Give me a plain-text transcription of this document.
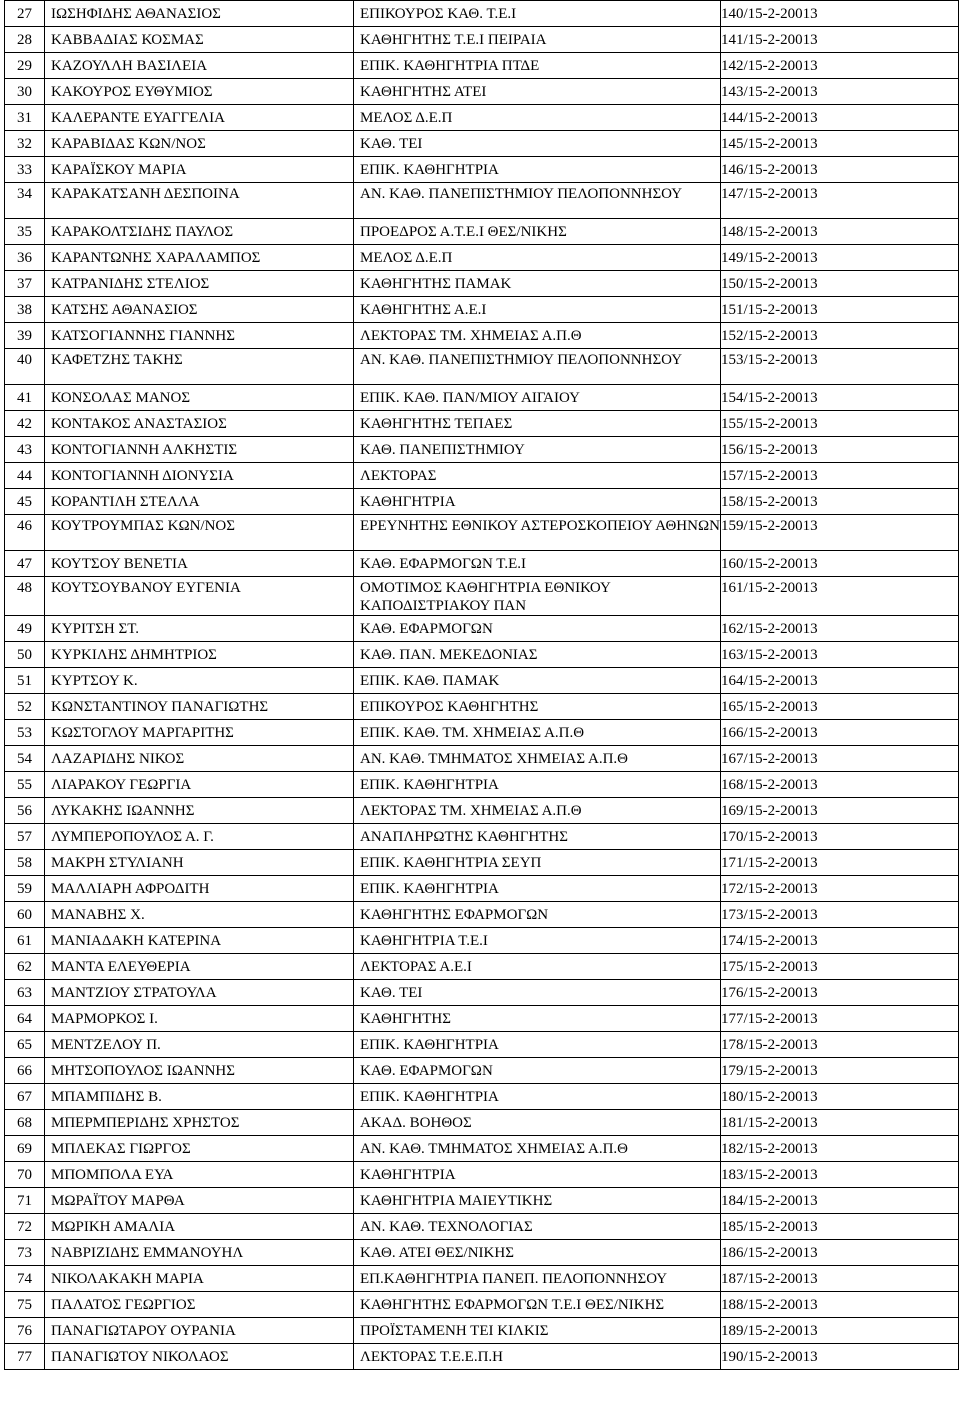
27	ΙΩΣΗΦΙΔΗΣ ΑΘΑΝΑΣΙΟΣ	ΕΠΙΚΟΥΡΟΣ ΚΑΘ. Τ.Ε.Ι	140/15-2-20013
28	ΚΑΒΒΑΔΙΑΣ ΚΟΣΜΑΣ	ΚΑΘΗΓΗΤΗΣ Τ.Ε.Ι ΠΕΙΡΑΙΑ	141/15-2-20013
29	ΚΑΖΟΥΛΛΗ ΒΑΣΙΛΕΙΑ	ΕΠΙΚ. ΚΑΘΗΓΗΤΡΙΑ ΠΤΔΕ	142/15-2-20013
30	ΚΑΚΟΥΡΟΣ ΕΥΘΥΜΙΟΣ	ΚΑΘΗΓΗΤΗΣ ΑΤΕΙ	143/15-2-20013
31	ΚΑΛΕΡΑΝΤΕ ΕΥΑΓΓΕΛΙΑ	ΜΕΛΟΣ Δ.Ε.Π	144/15-2-20013
32	ΚΑΡΑΒΙΔΑΣ ΚΩΝ/ΝΟΣ	ΚΑΘ. ΤΕΙ	145/15-2-20013
33	ΚΑΡΑΪΣΚΟΥ ΜΑΡΙΑ	ΕΠΙΚ. ΚΑΘΗΓΗΤΡΙΑ	146/15-2-20013
34	ΚΑΡΑΚΑΤΣΑΝΗ ΔΕΣΠΟΙΝΑ	ΑΝ. ΚΑΘ. ΠΑΝΕΠΙΣΤΗΜΙΟΥ ΠΕΛΟΠΟΝΝΗΣΟΥ	147/15-2-20013
35	ΚΑΡΑΚΟΛΤΣΙΔΗΣ ΠΑΥΛΟΣ	ΠΡΟΕΔΡΟΣ Α.Τ.Ε.Ι ΘΕΣ/ΝΙΚΗΣ	148/15-2-20013
36	ΚΑΡΑΝΤΩΝΗΣ ΧΑΡΑΛΑΜΠΟΣ	ΜΕΛΟΣ Δ.Ε.Π	149/15-2-20013
37	ΚΑΤΡΑΝΙΔΗΣ ΣΤΕΛΙΟΣ	ΚΑΘΗΓΗΤΗΣ ΠΑΜΑΚ	150/15-2-20013
38	ΚΑΤΣΗΣ ΑΘΑΝΑΣΙΟΣ	ΚΑΘΗΓΗΤΗΣ Α.Ε.Ι	151/15-2-20013
39	ΚΑΤΣΟΓΙΑΝΝΗΣ ΓΙΑΝΝΗΣ	ΛΕΚΤΟΡΑΣ ΤΜ. ΧΗΜΕΙΑΣ Α.Π.Θ	152/15-2-20013
40	ΚΑΦΕΤΖΗΣ ΤΑΚΗΣ	ΑΝ. ΚΑΘ. ΠΑΝΕΠΙΣΤΗΜΙΟΥ ΠΕΛΟΠΟΝΝΗΣΟΥ	153/15-2-20013
41	ΚΟΝΣΟΛΑΣ ΜΑΝΟΣ	ΕΠΙΚ. ΚΑΘ. ΠΑΝ/ΜΙΟΥ ΑΙΓΑΙΟΥ	154/15-2-20013
42	ΚΟΝΤΑΚΟΣ ΑΝΑΣΤΑΣΙΟΣ	ΚΑΘΗΓΗΤΗΣ ΤΕΠΑΕΣ	155/15-2-20013
43	ΚΟΝΤΟΓΙΑΝΝΗ ΑΛΚΗΣΤΙΣ	ΚΑΘ. ΠΑΝΕΠΙΣΤΗΜΙΟΥ	156/15-2-20013
44	ΚΟΝΤΟΓΙΑΝΝΗ ΔΙΟΝΥΣΙΑ	ΛΕΚΤΟΡΑΣ	157/15-2-20013
45	ΚΟΡΑΝΤΙΛΗ ΣΤΕΛΛΑ	ΚΑΘΗΓΗΤΡΙΑ	158/15-2-20013
46	ΚΟΥΤΡΟΥΜΠΑΣ ΚΩΝ/ΝΟΣ	ΕΡΕΥΝΗΤΗΣ ΕΘΝΙΚΟΥ ΑΣΤΕΡΟΣΚΟΠΕΙΟΥ ΑΘΗΝΩΝ	159/15-2-20013
47	ΚΟΥΤΣΟΥ ΒΕΝΕΤΙΑ	ΚΑΘ. ΕΦΑΡΜΟΓΩΝ Τ.Ε.Ι	160/15-2-20013
48	ΚΟΥΤΣΟΥΒΑΝΟΥ ΕΥΓΕΝΙΑ	ΟΜΟΤΙΜΟΣ ΚΑΘΗΓΗΤΡΙΑ ΕΘΝΙΚΟΥ ΚΑΠΟΔΙΣΤΡΙΑΚΟΥ ΠΑΝ	161/15-2-20013
49	ΚΥΡΙΤΣΗ ΣΤ.	ΚΑΘ. ΕΦΑΡΜΟΓΩΝ	162/15-2-20013
50	ΚΥΡΚΙΛΗΣ ΔΗΜΗΤΡΙΟΣ	ΚΑΘ. ΠΑΝ. ΜΕΚΕΔΟΝΙΑΣ	163/15-2-20013
51	ΚΥΡΤΣΟΥ Κ.	ΕΠΙΚ. ΚΑΘ. ΠΑΜΑΚ	164/15-2-20013
52	ΚΩΝΣΤΑΝΤΙΝΟΥ ΠΑΝΑΓΙΩΤΗΣ	ΕΠΙΚΟΥΡΟΣ ΚΑΘΗΓΗΤΗΣ	165/15-2-20013
53	ΚΩΣΤΟΓΛΟΥ ΜΑΡΓΑΡΙΤΗΣ	ΕΠΙΚ. ΚΑΘ. ΤΜ. ΧΗΜΕΙΑΣ Α.Π.Θ	166/15-2-20013
54	ΛΑΖΑΡΙΔΗΣ ΝΙΚΟΣ	ΑΝ. ΚΑΘ. ΤΜΗΜΑΤΟΣ ΧΗΜΕΙΑΣ Α.Π.Θ	167/15-2-20013
55	ΛΙΑΡΑΚΟΥ ΓΕΩΡΓΙΑ	ΕΠΙΚ. ΚΑΘΗΓΗΤΡΙΑ	168/15-2-20013
56	ΛΥΚΑΚΗΣ ΙΩΑΝΝΗΣ	ΛΕΚΤΟΡΑΣ ΤΜ. ΧΗΜΕΙΑΣ Α.Π.Θ	169/15-2-20013
57	ΛΥΜΠΕΡΟΠΟΥΛΟΣ Α. Γ.	ΑΝΑΠΛΗΡΩΤΗΣ ΚΑΘΗΓΗΤΗΣ	170/15-2-20013
58	ΜΑΚΡΗ ΣΤΥΛΙΑΝΗ	ΕΠΙΚ. ΚΑΘΗΓΗΤΡΙΑ ΣΕΥΠ	171/15-2-20013
59	ΜΑΛΛΙΑΡΗ ΑΦΡΟΔΙΤΗ	ΕΠΙΚ. ΚΑΘΗΓΗΤΡΙΑ	172/15-2-20013
60	ΜΑΝΑΒΗΣ Χ.	ΚΑΘΗΓΗΤΗΣ ΕΦΑΡΜΟΓΩΝ	173/15-2-20013
61	ΜΑΝΙΑΔΑΚΗ ΚΑΤΕΡΙΝΑ	ΚΑΘΗΓΗΤΡΙΑ Τ.Ε.Ι	174/15-2-20013
62	ΜΑΝΤΑ ΕΛΕΥΘΕΡΙΑ	ΛΕΚΤΟΡΑΣ Α.Ε.Ι	175/15-2-20013
63	ΜΑΝΤΖΙΟΥ ΣΤΡΑΤΟΥΛΑ	ΚΑΘ. ΤΕΙ	176/15-2-20013
64	ΜΑΡΜΟΡΚΟΣ Ι.	ΚΑΘΗΓΗΤΗΣ	177/15-2-20013
65	ΜΕΝΤΖΕΛΟΥ Π.	ΕΠΙΚ. ΚΑΘΗΓΗΤΡΙΑ	178/15-2-20013
66	ΜΗΤΣΟΠΟΥΛΟΣ ΙΩΑΝΝΗΣ	ΚΑΘ. ΕΦΑΡΜΟΓΩΝ	179/15-2-20013
67	ΜΠΑΜΠΙΔΗΣ Β.	ΕΠΙΚ. ΚΑΘΗΓΗΤΡΙΑ	180/15-2-20013
68	ΜΠΕΡΜΠΕΡΙΔΗΣ ΧΡΗΣΤΟΣ	ΑΚΑΔ. ΒΟΗΘΟΣ	181/15-2-20013
69	ΜΠΛΕΚΑΣ ΓΙΩΡΓΟΣ	ΑΝ. ΚΑΘ. ΤΜΗΜΑΤΟΣ ΧΗΜΕΙΑΣ Α.Π.Θ	182/15-2-20013
70	ΜΠΟΜΠΟΛΑ ΕΥΑ	ΚΑΘΗΓΗΤΡΙΑ	183/15-2-20013
71	ΜΩΡΑΪΤΟΥ ΜΑΡΘΑ	ΚΑΘΗΓΗΤΡΙΑ ΜΑΙΕΥΤΙΚΗΣ	184/15-2-20013
72	ΜΩΡΙΚΗ ΑΜΑΛΙΑ	ΑΝ. ΚΑΘ. ΤΕΧΝΟΛΟΓΙΑΣ	185/15-2-20013
73	ΝΑΒΡΙΖΙΔΗΣ ΕΜΜΑΝΟΥΗΛ	ΚΑΘ. ΑΤΕΙ ΘΕΣ/ΝΙΚΗΣ	186/15-2-20013
74	ΝΙΚΟΛΑΚΑΚΗ ΜΑΡΙΑ	ΕΠ.ΚΑΘΗΓΗΤΡΙΑ ΠΑΝΕΠ. ΠΕΛΟΠΟΝΝΗΣΟΥ	187/15-2-20013
75	ΠΑΛΑΤΟΣ ΓΕΩΡΓΙΟΣ	ΚΑΘΗΓΗΤΗΣ ΕΦΑΡΜΟΓΩΝ Τ.Ε.Ι ΘΕΣ/ΝΙΚΗΣ	188/15-2-20013
76	ΠΑΝΑΓΙΩΤΑΡΟΥ ΟΥΡΑΝΙΑ	ΠΡΟΪΣΤΑΜΕΝΗ ΤΕΙ ΚΙΛΚΙΣ	189/15-2-20013
77	ΠΑΝΑΓΙΩΤΟΥ ΝΙΚΟΛΑΟΣ	ΛΕΚΤΟΡΑΣ Τ.Ε.Ε.Π.Η	190/15-2-20013
